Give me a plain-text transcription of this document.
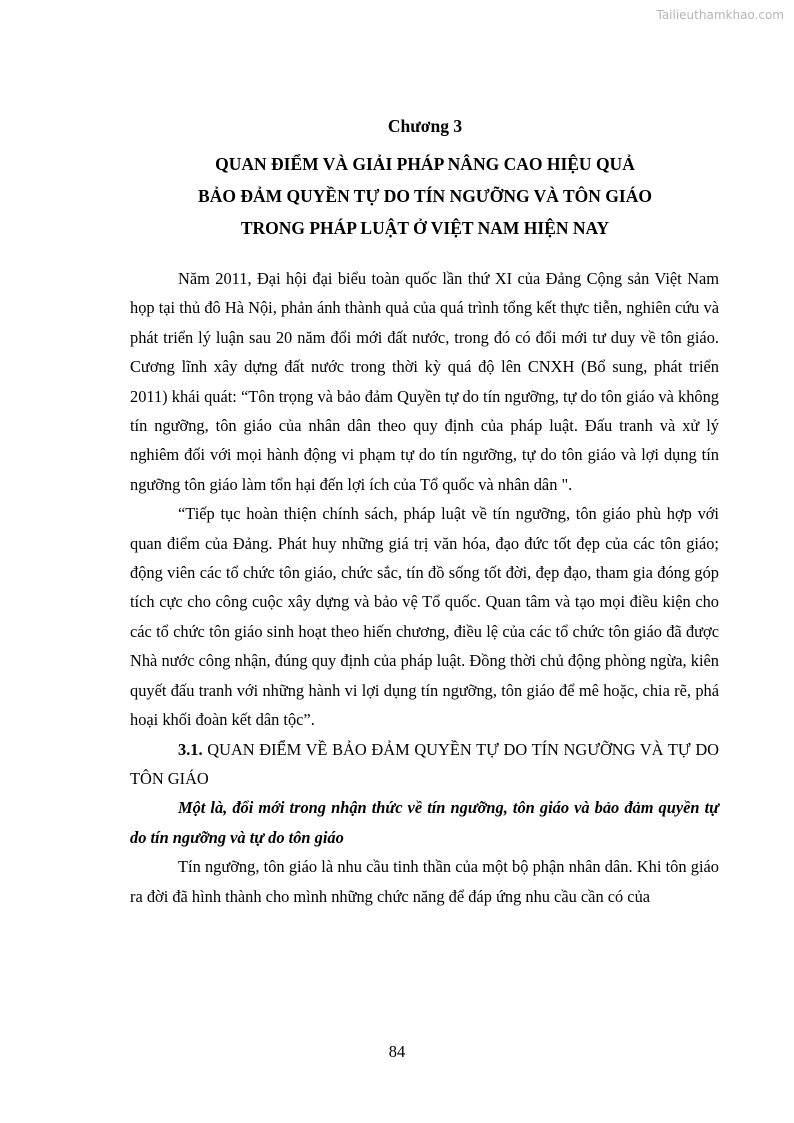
Tailieuthamkhao.com
Chương 3
QUAN ĐIỂM VÀ GIẢI PHÁP NÂNG CAO HIỆU QUẢ
BẢO ĐẢM QUYỀN TỰ DO TÍN NGƯỠNG VÀ TÔN GIÁO
TRONG PHÁP LUẬT Ở VIỆT NAM HIỆN NAY

Năm 2011, Đại hội đại biểu toàn quốc lần thứ XI của Đảng Cộng sản Việt Nam họp tại thủ đô Hà Nội, phản ánh thành quả của quá trình tổng kết thực tiễn, nghiên cứu và phát triển lý luận sau 20 năm đổi mới đất nước, trong đó có đổi mới tư duy về tôn giáo. Cương lĩnh xây dựng đất nước trong thời kỳ quá độ lên CNXH (Bổ sung, phát triển 2011) khái quát: “Tôn trọng và bảo đảm Quyền tự do tín ngưỡng, tự do tôn giáo và không tín ngưỡng, tôn giáo của nhân dân theo quy định của pháp luật. Đấu tranh và xử lý nghiêm đối với mọi hành động vi phạm tự do tín ngưỡng, tự do tôn giáo và lợi dụng tín ngưỡng tôn giáo làm tổn hại đến lợi ích của Tổ quốc và nhân dân ".

“Tiếp tục hoàn thiện chính sách, pháp luật về tín ngưỡng, tôn giáo phù hợp với quan điểm của Đảng. Phát huy những giá trị văn hóa, đạo đức tốt đẹp của các tôn giáo; động viên các tổ chức tôn giáo, chức sắc, tín đồ sống tốt đời, đẹp đạo, tham gia đóng góp tích cực cho công cuộc xây dựng và bảo vệ Tổ quốc. Quan tâm và tạo mọi điều kiện cho các tổ chức tôn giáo sinh hoạt theo hiến chương, điều lệ của các tổ chức tôn giáo đã được Nhà nước công nhận, đúng quy định của pháp luật. Đồng thời chủ động phòng ngừa, kiên quyết đấu tranh với những hành vi lợi dụng tín ngưỡng, tôn giáo để mê hoặc, chia rẽ, phá hoại khối đoàn kết dân tộc”.

3.1. QUAN ĐIỂM VỀ BẢO ĐẢM QUYỀN TỰ DO TÍN NGƯỠNG VÀ TỰ DO TÔN GIÁO

Một là, đổi mới trong nhận thức về tín ngưỡng, tôn giáo và bảo đảm quyền tự do tín ngưỡng và tự do tôn giáo

Tín ngưỡng, tôn giáo là nhu cầu tinh thần của một bộ phận nhân dân. Khi tôn giáo ra đời đã hình thành cho mình những chức năng để đáp ứng nhu cầu cần có của

84
